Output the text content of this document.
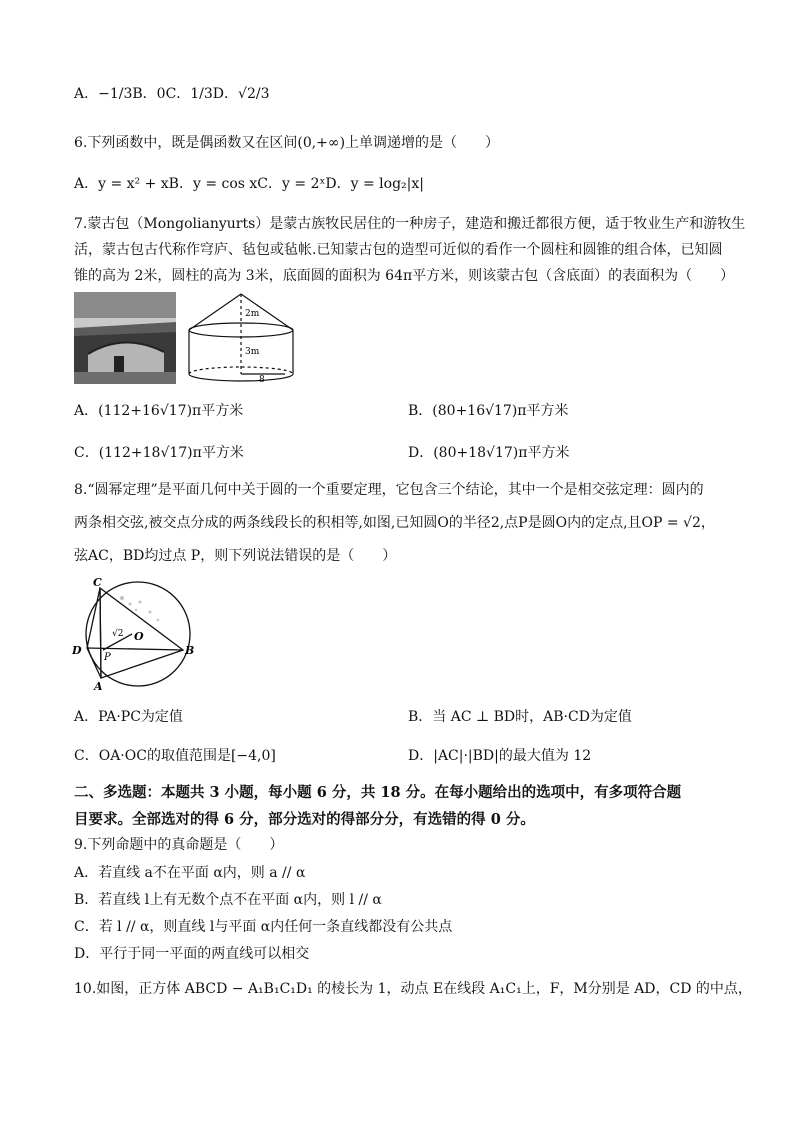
A．−1/3B．0C．1/3D．√2/3
6.下列函数中，既是偶函数又在区间(0,+∞)上单调递增的是（　　）
A．y = x² + xB．y = cos xC．y = 2ˣD．y = log₂|x|
7.蒙古包（Mongolianyurts）是蒙古族牧民居住的一种房子，建造和搬迁都很方便，适于牧业生产和游牧生
活，蒙古包古代称作穹庐、毡包或毡帐.已知蒙古包的造型可近似的看作一个圆柱和圆锥的组合体，已知圆
锥的高为 2米，圆柱的高为 3米，底面圆的面积为 64π平方米，则该蒙古包（含底面）的表面积为（　　）
2m
3m
8
A．(112+16√17)π平方米	B．(80+16√17)π平方米
C．(112+18√17)π平方米	D．(80+18√17)π平方米
8.“圆幂定理”是平面几何中关于圆的一个重要定理，它包含三个结论，其中一个是相交弦定理：圆内的
两条相交弦,被交点分成的两条线段长的积相等,如图,已知圆O的半径2,点P是圆O内的定点,且OP = √2，
弦AC，BD均过点 P，则下列说法错误的是（　　）
C
D
P
A
B
O
√2
A．PA·PC为定值	B．当 AC ⊥ BD时，AB·CD为定值
C．OA·OC的取值范围是[−4,0]	D．|AC|·|BD|的最大值为 12
二、多选题：本题共 3 小题，每小题 6 分，共 18 分。在每小题给出的选项中，有多项符合题
目要求。全部选对的得 6 分，部分选对的得部分分，有选错的得 0 分。
9.下列命题中的真命题是（　　）
A．若直线 a不在平面 α内，则 a // α
B．若直线 l上有无数个点不在平面 α内，则 l // α
C．若 l // α，则直线 l与平面 α内任何一条直线都没有公共点
D．平行于同一平面的两直线可以相交
10.如图，正方体 ABCD − A₁B₁C₁D₁ 的棱长为 1，动点 E在线段 A₁C₁上，F，M分别是 AD，CD 的中点，
